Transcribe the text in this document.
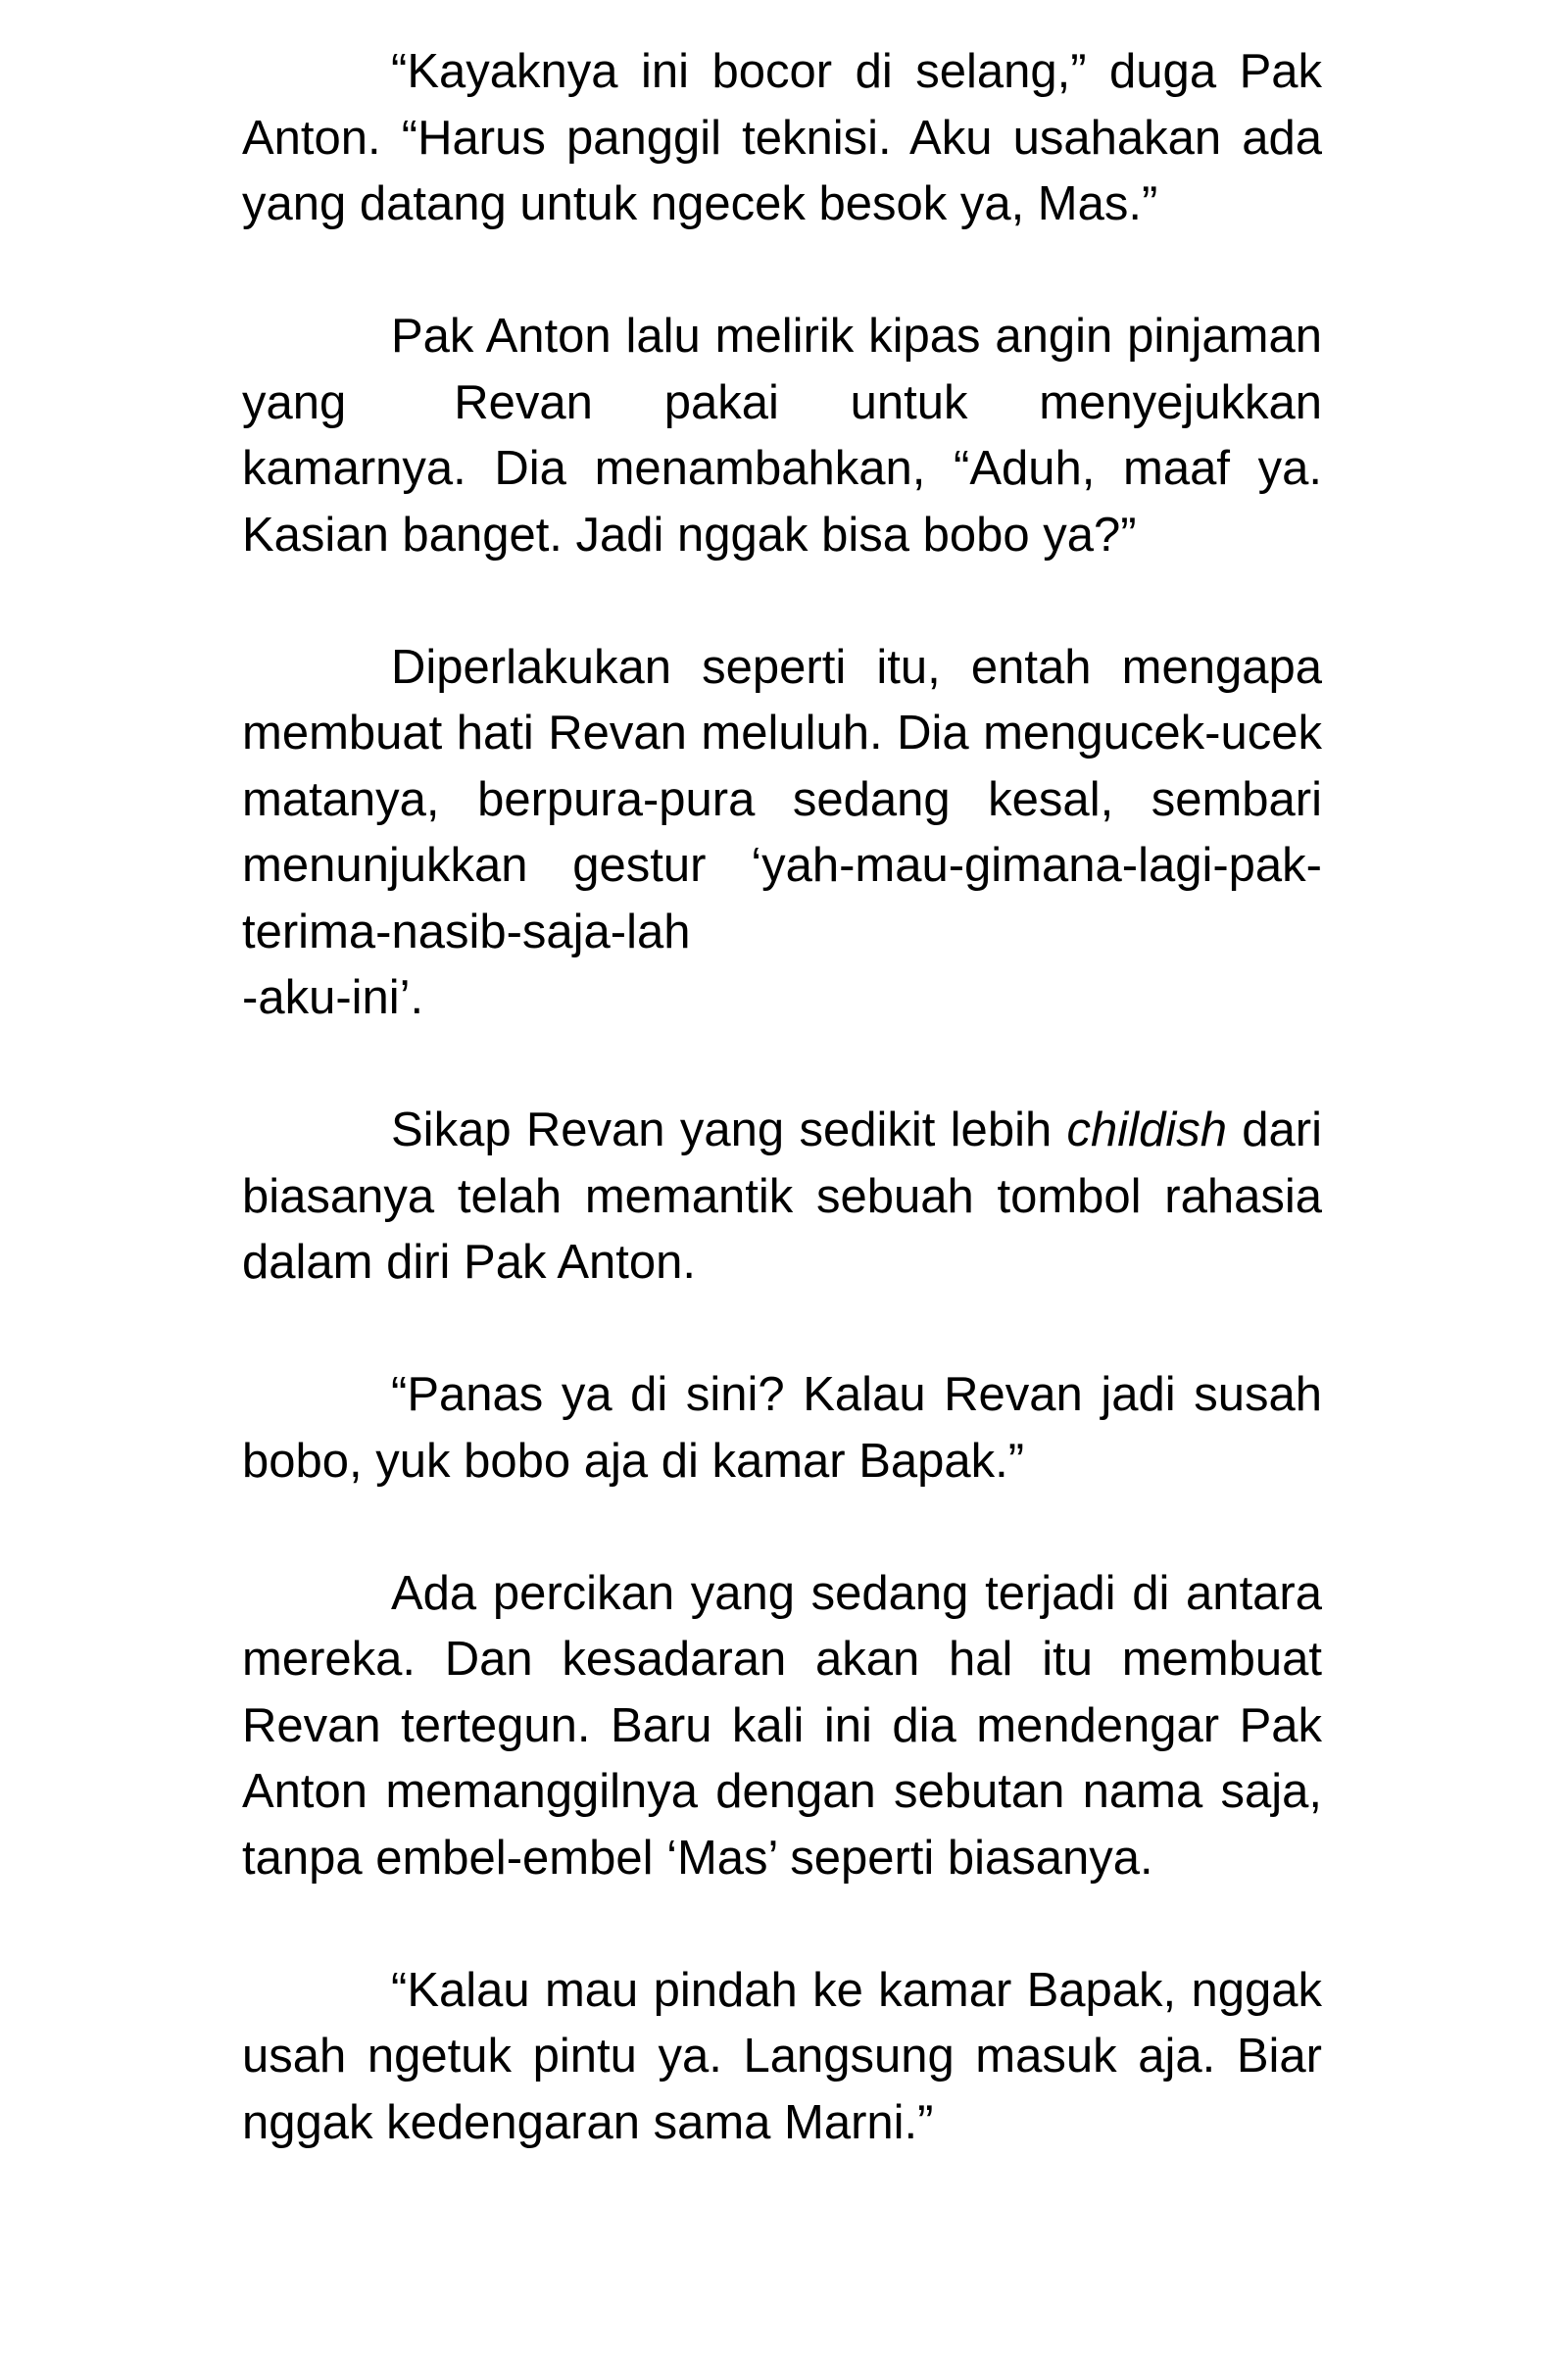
“Kayaknya ini bocor di selang,” duga Pak Anton. “Harus panggil teknisi. Aku usahakan ada yang datang untuk ngecek besok ya, Mas.”

Pak Anton lalu melirik kipas angin pinjaman yang Revan pakai untuk menyejukkan kamarnya. Dia menambahkan, “Aduh, maaf ya. Kasian banget. Jadi nggak bisa bobo ya?”

Diperlakukan seperti itu, entah mengapa membuat hati Revan meluluh. Dia mengucek-ucek matanya, berpura-pura sedang kesal, sembari menunjukkan gestur ‘yah-mau-gimana-lagi-pak-terima-nasib-saja-lah
-aku-ini’.

Sikap Revan yang sedikit lebih childish dari biasanya telah memantik sebuah tombol rahasia dalam diri Pak Anton.

“Panas ya di sini? Kalau Revan jadi susah bobo, yuk bobo aja di kamar Bapak.”

Ada percikan yang sedang terjadi di antara mereka. Dan kesadaran akan hal itu membuat Revan tertegun. Baru kali ini dia mendengar Pak Anton memanggilnya dengan sebutan nama saja, tanpa embel-embel ‘Mas’ seperti biasanya.

“Kalau mau pindah ke kamar Bapak, nggak usah ngetuk pintu ya. Langsung masuk aja. Biar nggak kedengaran sama Marni.”
